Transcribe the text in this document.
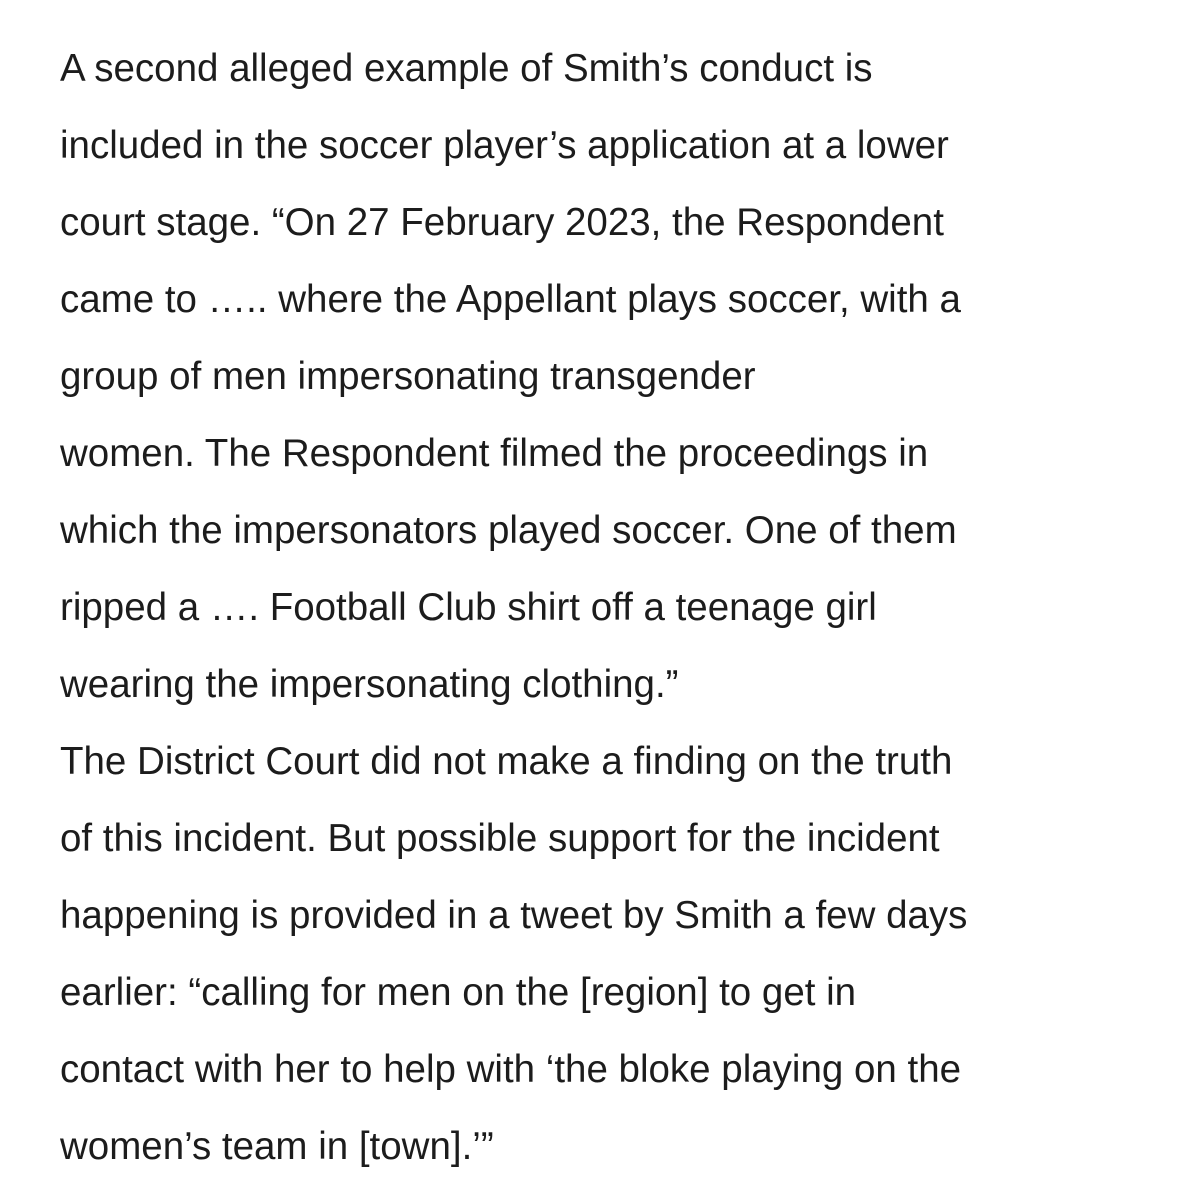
A second alleged example of Smith’s conduct is
included in the soccer player’s application at a lower
court stage. “On 27 February 2023, the Respondent
came to ….. where the Appellant plays soccer, with a
group of men impersonating transgender
women. The Respondent filmed the proceedings in
which the impersonators played soccer. One of them
ripped a …. Football Club shirt off a teenage girl
wearing the impersonating clothing.”
The District Court did not make a finding on the truth
of this incident. But possible support for the incident
happening is provided in a tweet by Smith a few days
earlier: “calling for men on the [region] to get in
contact with her to help with ‘the bloke playing on the
women’s team in [town].’”
